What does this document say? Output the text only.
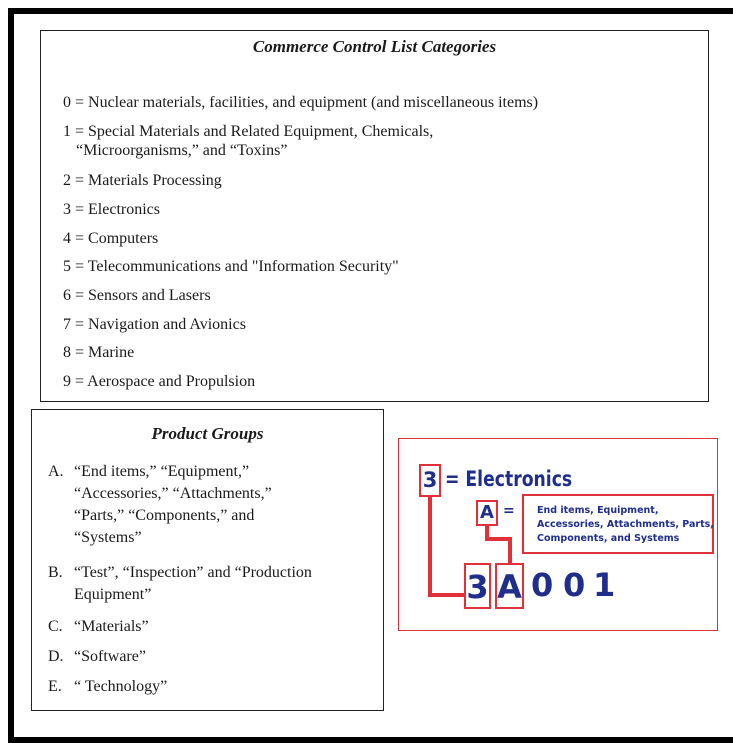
Commerce Control List Categories
0 = Nuclear materials, facilities, and equipment (and miscellaneous items)
1 = Special Materials and Related Equipment, Chemicals,
“Microorganisms,” and “Toxins”
2 = Materials Processing
3 = Electronics
4 = Computers
5 = Telecommunications and "Information Security"
6 = Sensors and Lasers
7 = Navigation and Avionics
8 = Marine
9 = Aerospace and Propulsion
Product Groups
A. “End items,” “Equipment,”
“Accessories,” “Attachments,”
“Parts,” “Components,” and
“Systems”
B. “Test”, “Inspection” and “Production
Equipment”
C. “Materials”
D. “Software”
E. “ Technology”
3 = Electronics
A = End items, Equipment,
Accessories, Attachments, Parts,
Components, and Systems
3 A 0 0 1
